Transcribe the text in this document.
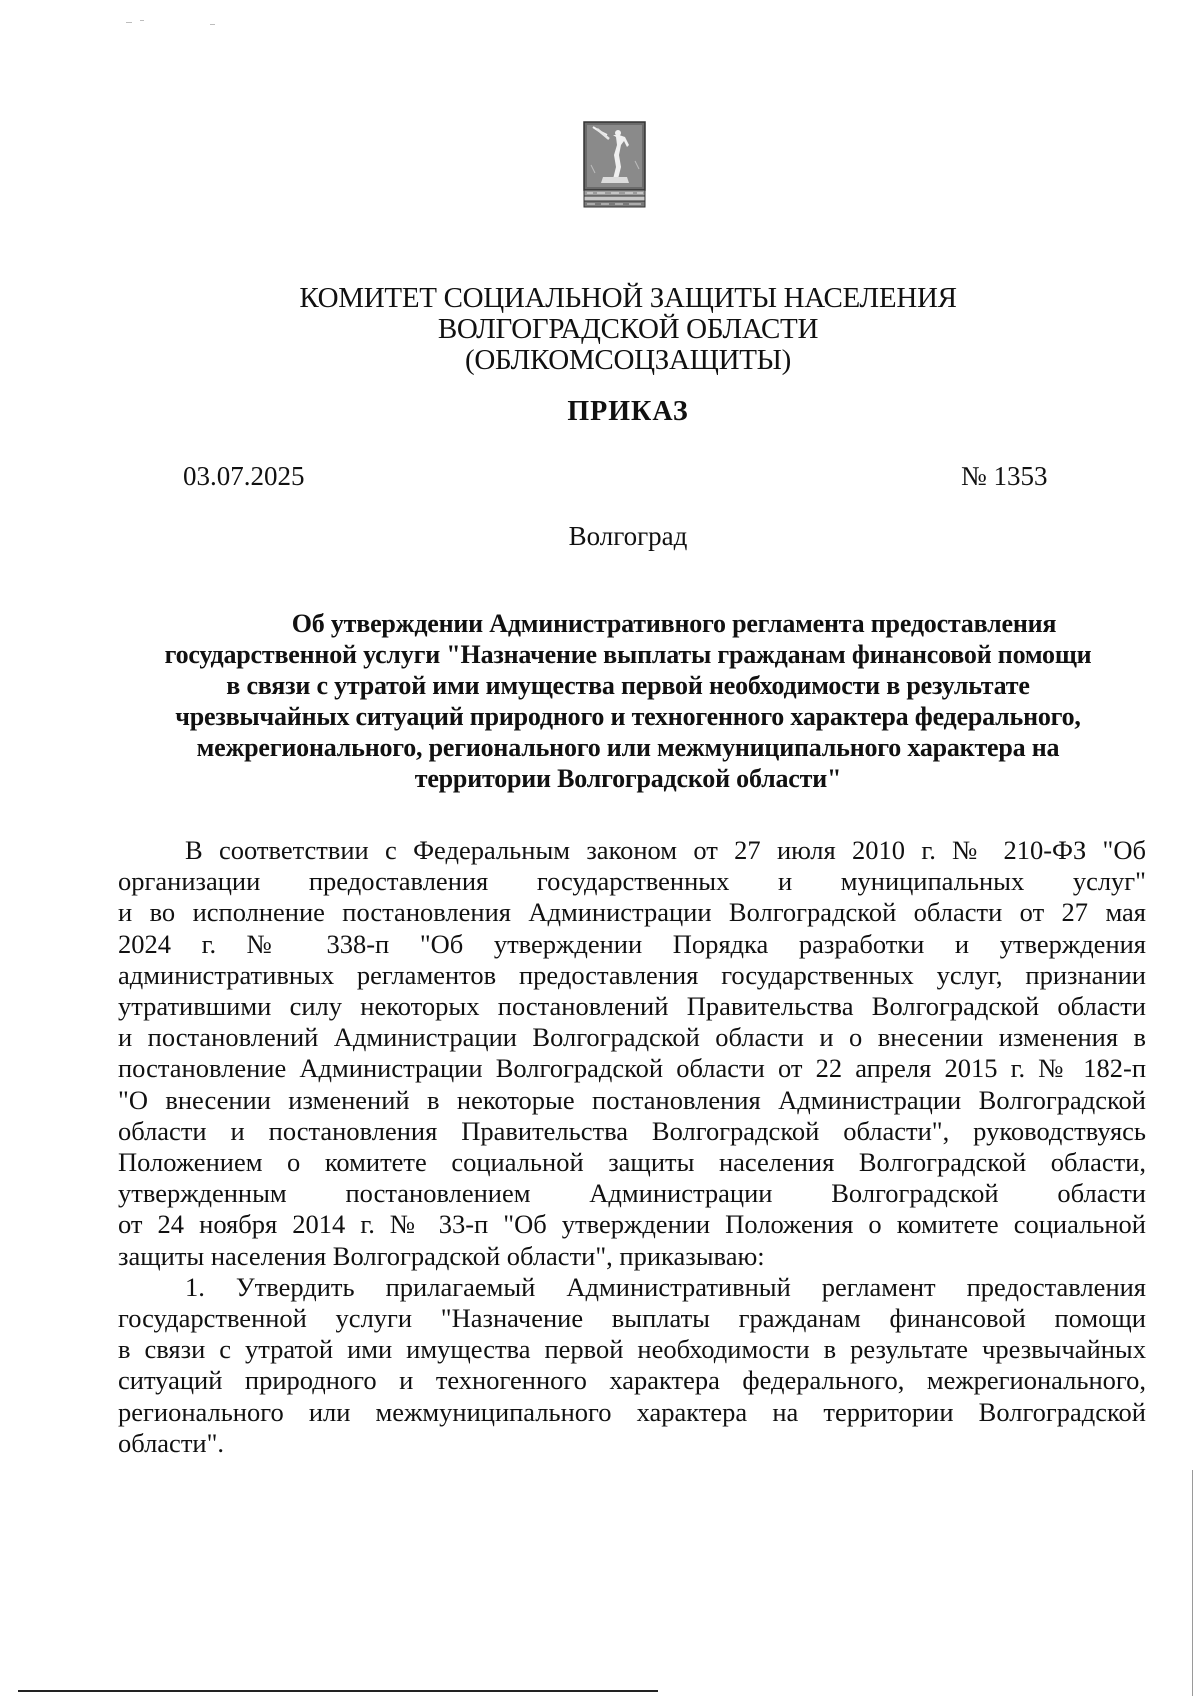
КОМИТЕТ СОЦИАЛЬНОЙ ЗАЩИТЫ НАСЕЛЕНИЯ
ВОЛГОГРАДСКОЙ ОБЛАСТИ
(ОБЛКОМСОЦЗАЩИТЫ)
ПРИКАЗ
03.07.2025	№ 1353
Волгоград
Об утверждении Административного регламента предоставления
государственной услуги "Назначение выплаты гражданам финансовой помощи
в связи с утратой ими имущества первой необходимости в результате
чрезвычайных ситуаций природного и техногенного характера федерального,
межрегионального, регионального или межмуниципального характера на
территории Волгоградской области"
В соответствии с Федеральным законом от 27 июля 2010 г. № 210-ФЗ "Об
организации предоставления государственных и муниципальных услуг"
и во исполнение постановления Администрации Волгоградской области от 27 мая
2024 г. № 338-п "Об утверждении Порядка разработки и утверждения
административных регламентов предоставления государственных услуг, признании
утратившими силу некоторых постановлений Правительства Волгоградской области
и постановлений Администрации Волгоградской области и о внесении изменения в
постановление Администрации Волгоградской области от 22 апреля 2015 г. № 182-п
"О внесении изменений в некоторые постановления Администрации Волгоградской
области и постановления Правительства Волгоградской области", руководствуясь
Положением о комитете социальной защиты населения Волгоградской области,
утвержденным постановлением Администрации Волгоградской области
от 24 ноября 2014 г. № 33-п "Об утверждении Положения о комитете социальной
защиты населения Волгоградской области", приказываю:
1. Утвердить прилагаемый Административный регламент предоставления
государственной услуги "Назначение выплаты гражданам финансовой помощи
в связи с утратой ими имущества первой необходимости в результате чрезвычайных
ситуаций природного и техногенного характера федерального, межрегионального,
регионального или межмуниципального характера на территории Волгоградской
области".
